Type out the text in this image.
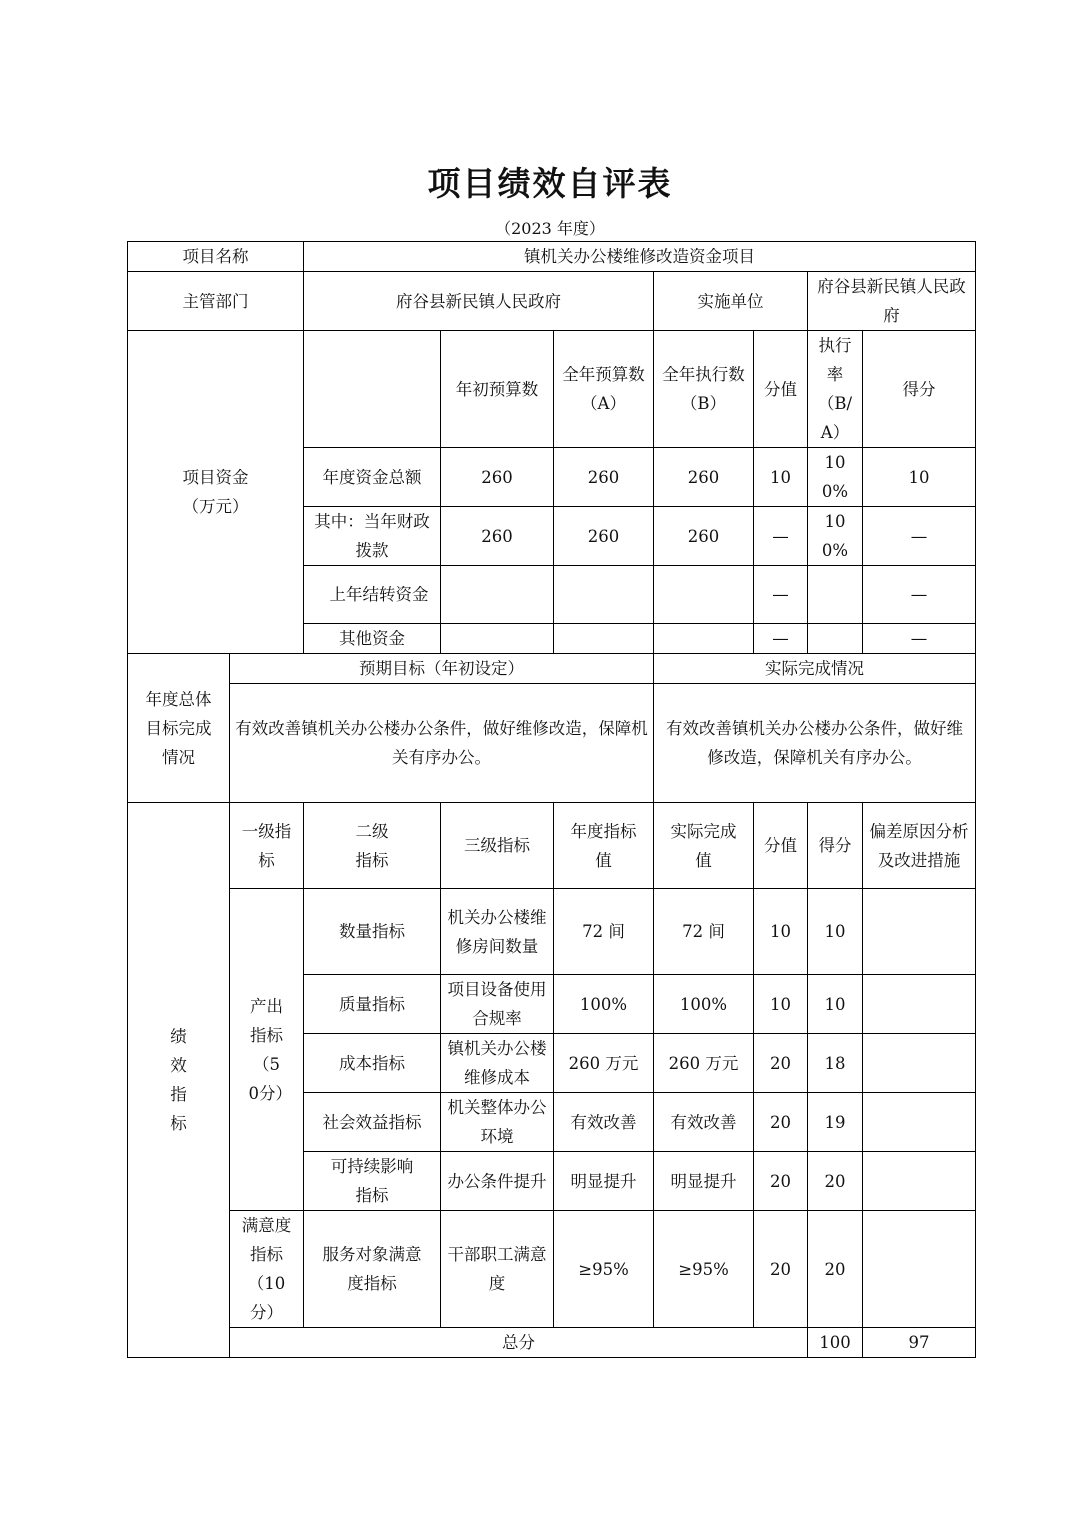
项目绩效自评表
（2023 年度）
项目名称		镇机关办公楼维修改造资金项目							
主管部门		府谷县新民镇人民政府			实施单位		府谷县新民镇人民政府		
项目资金（万元）			年初预算数	全年预算数（A）	全年执行数（B）	分值	执行率（B/A）	得分	
		年度资金总额	260	260	260	10	100%	10	
		其中：当年财政拨款	260	260	260	—	100%	—	
		上年结转资金				—		—	
		其他资金				—		—	
年度总体目标完成情况	预期目标（年初设定）				实际完成情况				
	有效改善镇机关办公楼办公条件，做好维修改造，保障机关有序办公。				有效改善镇机关办公楼办公条件，做好维修改造，保障机关有序办公。				
绩效指标	一级指标	二级指标	三级指标	年度指标值	实际完成值	分值	得分	偏差原因分析及改进措施	
	产出指标（50分）	数量指标	机关办公楼维修房间数量	72 间	72 间	10	10		
		质量指标	项目设备使用合规率	100%	100%	10	10		
		成本指标	镇机关办公楼维修成本	260 万元	260 万元	20	18		
		社会效益指标	机关整体办公环境	有效改善	有效改善	20	19		
		可持续影响指标	办公条件提升	明显提升	明显提升	20	20		
	满意度指标（10分）	服务对象满意度指标	干部职工满意度	≥95%	≥95%	20	20		
	总分						100	97	
